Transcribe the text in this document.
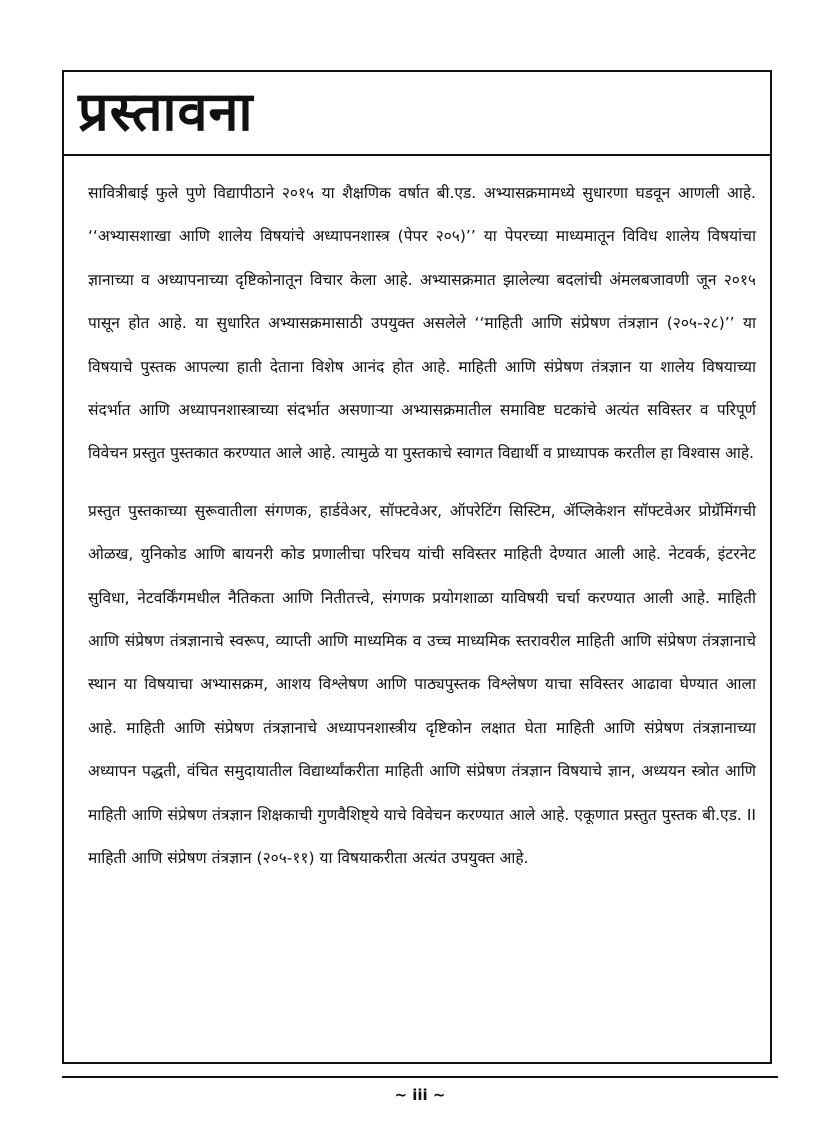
प्रस्तावना

सावित्रीबाई फुले पुणे विद्यापीठाने २०१५ या शैक्षणिक वर्षात बी.एड. अभ्यासक्रमामध्ये सुधारणा घडवून आणली आहे. ‘‘अभ्यासशाखा आणि शालेय विषयांचे अध्यापनशास्त्र (पेपर २०५)’’ या पेपरच्या माध्यमातून विविध शालेय विषयांचा ज्ञानाच्या व अध्यापनाच्या दृष्टिकोनातून विचार केला आहे. अभ्यासक्रमात झालेल्या बदलांची अंमलबजावणी जून २०१५ पासून होत आहे. या सुधारित अभ्यासक्रमासाठी उपयुक्त असलेले ‘‘माहिती आणि संप्रेषण तंत्रज्ञान (२०५-२८)’’ या विषयाचे पुस्तक आपल्या हाती देताना विशेष आनंद होत आहे. माहिती आणि संप्रेषण तंत्रज्ञान या शालेय विषयाच्या संदर्भात आणि अध्यापनशास्त्राच्या संदर्भात असणाऱ्या अभ्यासक्रमातील समाविष्ट घटकांचे अत्यंत सविस्तर व परिपूर्ण विवेचन प्रस्तुत पुस्तकात करण्यात आले आहे. त्यामुळे या पुस्तकाचे स्वागत विद्यार्थी व प्राध्यापक करतील हा विश्वास आहे.

प्रस्तुत पुस्तकाच्या सुरूवातीला संगणक, हार्डवेअर, सॉफ्टवेअर, ऑपरेटिंग सिस्टिम, ॲप्लिकेशन सॉफ्टवेअर प्रोग्रॅमिंगची ओळख, युनिकोड आणि बायनरी कोड प्रणालीचा परिचय यांची सविस्तर माहिती देण्यात आली आहे. नेटवर्क, इंटरनेट सुविधा, नेटवर्किंगमधील नैतिकता आणि नितीतत्त्वे, संगणक प्रयोगशाळा याविषयी चर्चा करण्यात आली आहे. माहिती आणि संप्रेषण तंत्रज्ञानाचे स्वरूप, व्याप्ती आणि माध्यमिक व उच्च माध्यमिक स्तरावरील माहिती आणि संप्रेषण तंत्रज्ञानाचे स्थान या विषयाचा अभ्यासक्रम, आशय विश्लेषण आणि पाठ्यपुस्तक विश्लेषण याचा सविस्तर आढावा घेण्यात आला आहे. माहिती आणि संप्रेषण तंत्रज्ञानाचे अध्यापनशास्त्रीय दृष्टिकोन लक्षात घेता माहिती आणि संप्रेषण तंत्रज्ञानाच्या अध्यापन पद्धती, वंचित समुदायातील विद्यार्थ्यांकरीता माहिती आणि संप्रेषण तंत्रज्ञान विषयाचे ज्ञान, अध्ययन स्त्रोत आणि माहिती आणि संप्रेषण तंत्रज्ञान शिक्षकाची गुणवैशिष्ट्ये याचे विवेचन करण्यात आले आहे. एकूणात प्रस्तुत पुस्तक बी.एड. II माहिती आणि संप्रेषण तंत्रज्ञान (२०५-११) या विषयाकरीता अत्यंत उपयुक्त आहे.

~ iii ~
